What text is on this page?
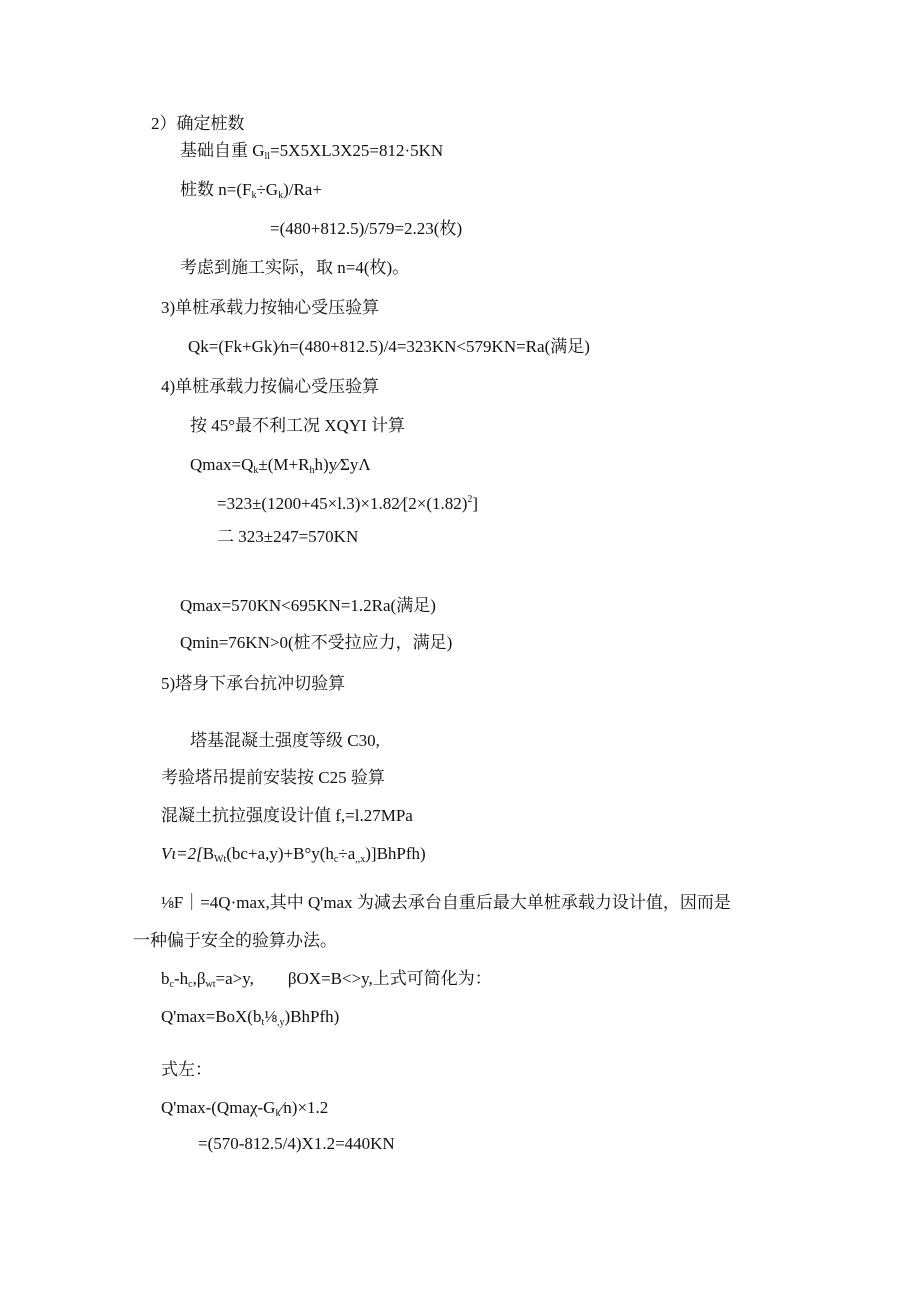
2）确定桩数
基础自重 Gll=5X5XL3X25=812·5KN
桩数 n=(Fk÷Gk)/Ra+
=(480+812.5)/579=2.23(枚)
考虑到施工实际，取 n=4(枚)。
3)单桩承载力按轴心受压验算
Qk=(Fk+Gk)∕n=(480+812.5)/4=323KN<579KN=Ra(满足)
4)单桩承载力按偏心受压验算
按 45°最不利工况 XQYI 计算
Qmax=Qk±(M+Rhh)y∕ΣyΛ
$=323\pm(1200+45\times l.3)\times 1.82∕[2\times(1.82)^2]$
二 323±247=570KN
Qmax=570KN<695KN=1.2Ra(满足)
Qmin=76KN>0(桩不受拉应力，满足)
5)塔身下承台抗冲切验算
塔基混凝土强度等级 C30,
考验塔吊提前安装按 C25 验算
混凝土抗拉强度设计值 f,=l.27MPa
Vι=2[BWt(bc+a,y)+B°y(hc÷a,,x)]BhPfh)
⅛F｜=4Q·max,其中 Q'max 为减去承台自重后最大单桩承载力设计值，因而是
一种偏于安全的验算办法。
bc-hc,βwt=a>y, βOX=B<>y,上式可简化为：
Q'max=BoX(bt⅛,y)BhPfh)
式左：
Q'max-(Qmaχ-Gk∕n)×1.2
=(570-812.5/4)X1.2=440KN
